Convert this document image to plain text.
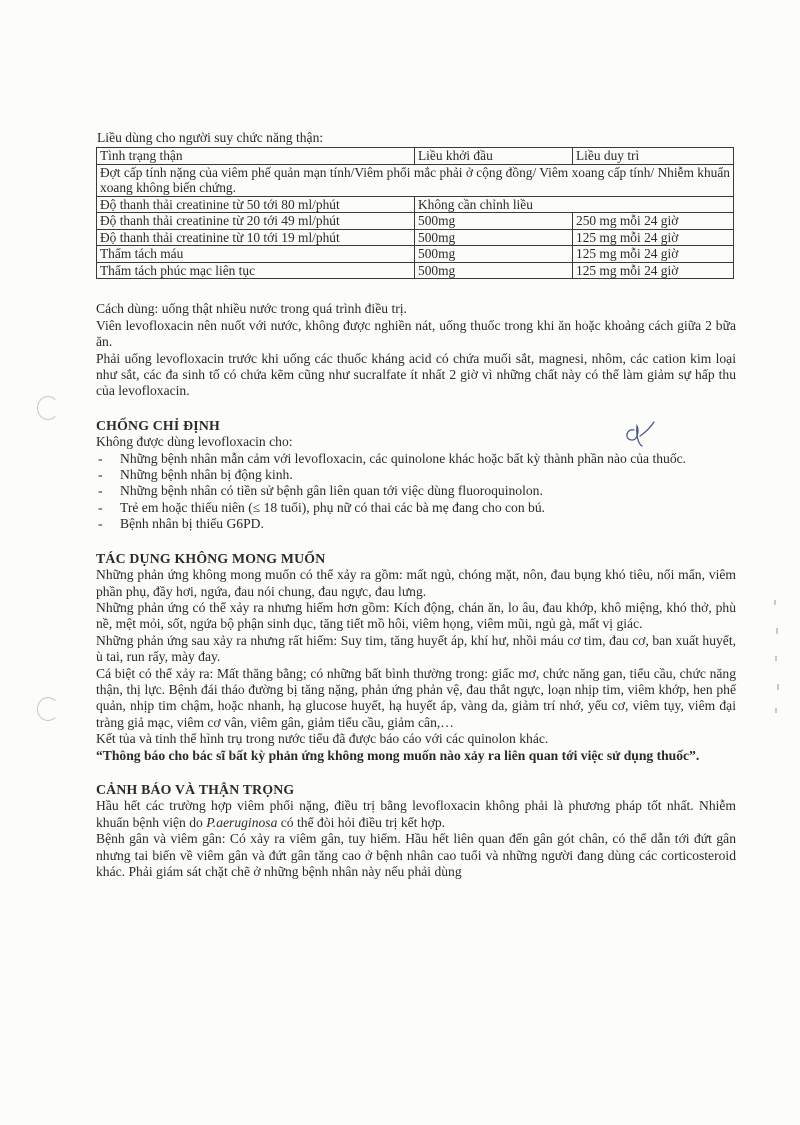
Liều dùng cho người suy chức năng thận:
Tình trạng thận	Liều khởi đầu	Liều duy trì
Đợt cấp tính nặng của viêm phế quản mạn tính/Viêm phổi mắc phải ở cộng đồng/ Viêm xoang cấp tính/ Nhiễm khuẩn xoang không biến chứng.		
Độ thanh thải creatinine từ 50 tới 80 ml/phút	Không cần chỉnh liều	
Độ thanh thải creatinine từ 20 tới 49 ml/phút	500mg	250 mg mỗi 24 giờ
Độ thanh thải creatinine từ 10 tới 19 ml/phút	500mg	125 mg mỗi 24 giờ
Thẩm tách máu	500mg	125 mg mỗi 24 giờ
Thẩm tách phúc mạc liên tục	500mg	125 mg mỗi 24 giờ

Cách dùng: uống thật nhiều nước trong quá trình điều trị.

Viên levofloxacin nên nuốt với nước, không được nghiền nát, uống thuốc trong khi ăn hoặc khoảng cách giữa 2 bữa ăn.

Phải uống levofloxacin trước khi uống các thuốc kháng acid có chứa muối sắt, magnesi, nhôm, các cation kim loại như sắt, các đa sinh tố có chứa kẽm cũng như sucralfate ít nhất 2 giờ vì những chất này có thể làm giảm sự hấp thu của levofloxacin.

CHỐNG CHỈ ĐỊNH

Không được dùng levofloxacin cho:

- Những bệnh nhân mẫn cảm với levofloxacin, các quinolone khác hoặc bất kỳ thành phần nào của thuốc.
- Những bệnh nhân bị động kinh.
- Những bệnh nhân có tiền sử bệnh gân liên quan tới việc dùng fluoroquinolon.
- Trẻ em hoặc thiếu niên (≤ 18 tuổi), phụ nữ có thai các bà mẹ đang cho con bú.
- Bệnh nhân bị thiếu G6PD.
TÁC DỤNG KHÔNG MONG MUỐN

Những phản ứng không mong muốn có thể xảy ra gồm: mất ngủ, chóng mặt, nôn, đau bụng khó tiêu, nổi mẩn, viêm phần phụ, đầy hơi, ngứa, đau nói chung, đau ngực, đau lưng.

Những phản ứng có thể xảy ra nhưng hiếm hơn gồm: Kích động, chán ăn, lo âu, đau khớp, khô miệng, khó thở, phù nề, mệt mỏi, sốt, ngứa bộ phận sinh dục, tăng tiết mồ hôi, viêm họng, viêm mũi, ngủ gà, mất vị giác.

Những phản ứng sau xảy ra nhưng rất hiếm: Suy tim, tăng huyết áp, khí hư, nhồi máu cơ tim, đau cơ, ban xuất huyết, ù tai, run rẩy, mày đay.

Cá biệt có thể xảy ra: Mất thăng bằng; có những bất bình thường trong: giấc mơ, chức năng gan, tiểu cầu, chức năng thận, thị lực. Bệnh đái tháo đường bị tăng nặng, phản ứng phản vệ, đau thắt ngực, loạn nhịp tim, viêm khớp, hen phế quản, nhịp tim chậm, hoặc nhanh, hạ glucose huyết, hạ huyết áp, vàng da, giảm trí nhớ, yếu cơ, viêm tụy, viêm đại tràng giả mạc, viêm cơ vân, viêm gân, giảm tiểu cầu, giảm cân,…

Kết tủa và tinh thể hình trụ trong nước tiểu đã được báo cáo với các quinolon khác.

“Thông báo cho bác sĩ bất kỳ phản ứng không mong muốn nào xảy ra liên quan tới việc sử dụng thuốc”.

CẢNH BÁO VÀ THẬN TRỌNG

Hầu hết các trường hợp viêm phổi nặng, điều trị bằng levofloxacin không phải là phương pháp tốt nhất. Nhiễm khuẩn bệnh viện do P.aeruginosa có thể đòi hỏi điều trị kết hợp.

Bệnh gân và viêm gân: Có xảy ra viêm gân, tuy hiếm. Hầu hết liên quan đến gân gót chân, có thể dẫn tới đứt gân nhưng tai biến về viêm gân và đứt gân tăng cao ở bệnh nhân cao tuổi và những người đang dùng các corticosteroid khác. Phải giám sát chặt chẽ ở những bệnh nhân này nếu phải dùng
